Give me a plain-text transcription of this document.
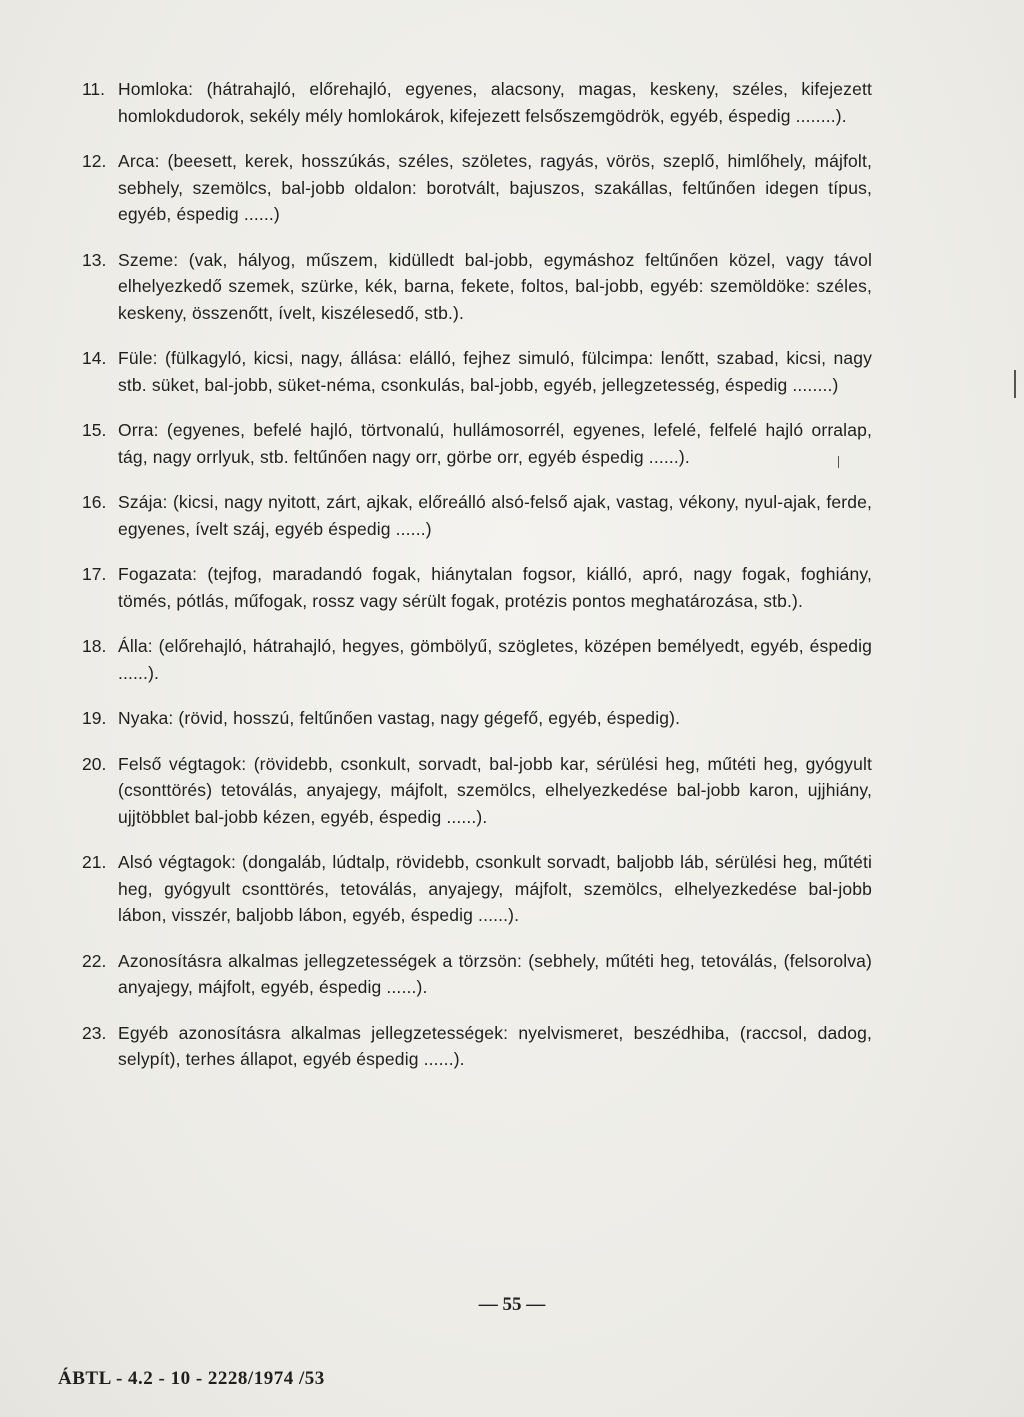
11. Homloka: (hátrahajló, előrehajló, egyenes, alacsony, magas, keskeny, széles, kifejezett homlokdudorok, sekély mély homlokárok, kifejezett felsőszemgödrök, egyéb, éspedig ........).
12. Arca: (beesett, kerek, hosszúkás, széles, szöletes, ragyás, vörös, szeplő, himlőhely, májfolt, sebhely, szemölcs, bal-jobb oldalon: borotvált, bajuszos, szakállas, feltűnően idegen típus, egyéb, éspedig ......)
13. Szeme: (vak, hályog, műszem, kidülledt bal-jobb, egymáshoz feltűnően közel, vagy távol elhelyezkedő szemek, szürke, kék, barna, fekete, foltos, bal-jobb, egyéb: szemöldöke: széles, keskeny, összenőtt, ívelt, kiszélesedő, stb.).
14. Füle: (fülkagyló, kicsi, nagy, állása: elálló, fejhez simuló, fülcimpa: lenőtt, szabad, kicsi, nagy stb. süket, bal-jobb, süket-néma, csonkulás, bal-jobb, egyéb, jellegzetesség, éspedig ........)
15. Orra: (egyenes, befelé hajló, törtvonalú, hullámosorrél, egyenes, lefelé, felfelé hajló orralap, tág, nagy orrlyuk, stb. feltűnően nagy orr, görbe orr, egyéb éspedig ......).
16. Szája: (kicsi, nagy nyitott, zárt, ajkak, előreálló alsó-felső ajak, vastag, vékony, nyul-ajak, ferde, egyenes, ívelt száj, egyéb éspedig ......)
17. Fogazata: (tejfog, maradandó fogak, hiánytalan fogsor, kiálló, apró, nagy fogak, foghiány, tömés, pótlás, műfogak, rossz vagy sérült fogak, protézis pontos meghatározása, stb.).
18. Álla: (előrehajló, hátrahajló, hegyes, gömbölyű, szögletes, középen bemélyedt, egyéb, éspedig ......).
19. Nyaka: (rövid, hosszú, feltűnően vastag, nagy gégefő, egyéb, éspedig).
20. Felső végtagok: (rövidebb, csonkult, sorvadt, bal-jobb kar, sérülési heg, műtéti heg, gyógyult (csonttörés) tetoválás, anyajegy, májfolt, szemölcs, elhelyezkedése bal-jobb karon, ujjhiány, ujjtöbblet bal-jobb kézen, egyéb, éspedig ......).
21. Alsó végtagok: (dongaláb, lúdtalp, rövidebb, csonkult sorvadt, baljobb láb, sérülési heg, műtéti heg, gyógyult csonttörés, tetoválás, anyajegy, májfolt, szemölcs, elhelyezkedése bal-jobb lábon, visszér, baljobb lábon, egyéb, éspedig ......).
22. Azonosításra alkalmas jellegzetességek a törzsön: (sebhely, műtéti heg, tetoválás, (felsorolva) anyajegy, májfolt, egyéb, éspedig ......).
23. Egyéb azonosításra alkalmas jellegzetességek: nyelvismeret, beszédhiba, (raccsol, dadog, selypít), terhes állapot, egyéb éspedig ......).
— 55 —
ÁBTL - 4.2 - 10 - 2228/1974 /53
